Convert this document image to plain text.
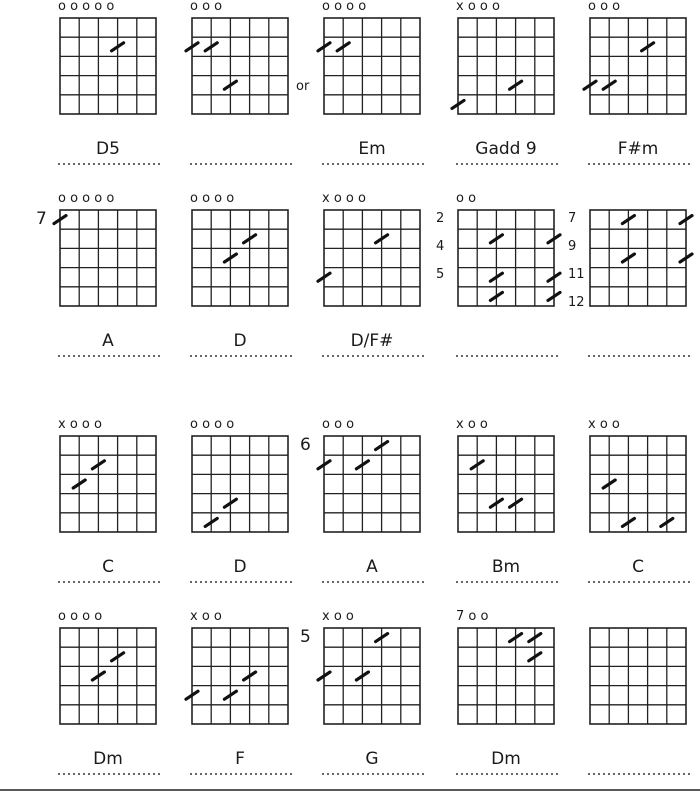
o o o o o
D5
o o o	o o o o
Em
x o o o
Gadd 9
o o o
F#m
o o o o o
7
A
o o o o
D
x o o o
D/F#
o o
x o o o
C
o o o o
D
o o o
6
A
x o o
Bm
x o o
C
o o o o
Dm
x o o
F
x o o
5
G
7 o o
Dm
or
2
4
5
7
9
11
12
